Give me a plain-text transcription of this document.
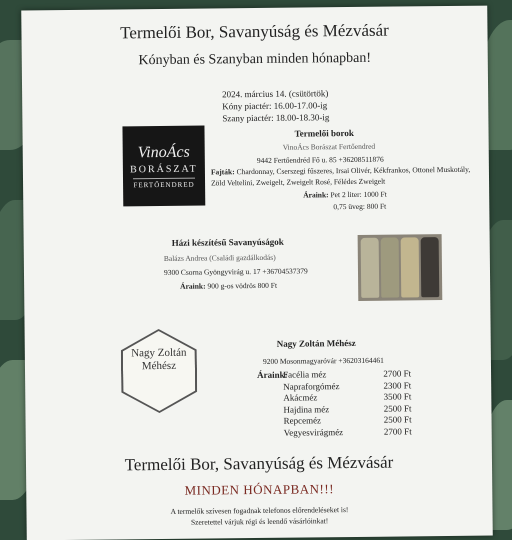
Termelői Bor, Savanyúság és Mézvásár
Kónyban és Szanyban minden hónapban!
2024. március 14. (csütörtök)
Kóny piactér: 16.00-17.00-ig
Szany piactér: 18.00-18.30-ig
VinoÁcs
BORÁSZAT
FERTŐENDRED
Termelői borok
VinoÁcs Borászat Fertőendred
9442 Fertőendréd Fő u. 85 +36208511876
Fajták: Chardonnay, Cserszegi fűszeres, Irsai Olivér, Kékfrankos, Ottonel Muskotály, Zöld Veltelini, Zweigelt, Zweigelt Rosé, Félédes Zweigelt
Áraink: Pet 2 liter: 1000 Ft
0,75 üveg: 800 Ft
Házi készítésű Savanyúságok
Balázs Andrea (Családi gazdálkodás)
9300 Csorna Gyöngyvirág u. 17 +36704537379
Áraink: 900 g-os vödrös 800 Ft
Nagy Zoltán
Méhész
Nagy Zoltán Méhész
9200 Mosonmagyaróvár +36203164461
Áraink:
Facélia méz	2700 Ft
Napraforgóméz	2300 Ft
Akácméz	3500 Ft
Hajdina méz	2500 Ft
Repceméz	2500 Ft
Vegyesvirágméz	2700 Ft
Termelői Bor, Savanyúság és Mézvásár
MINDEN HÓNAPBAN!!!
A termelők szívesen fogadnak telefonos előrendeléseket is!
Szeretettel várjuk régi és leendő vásárlóinkat!
